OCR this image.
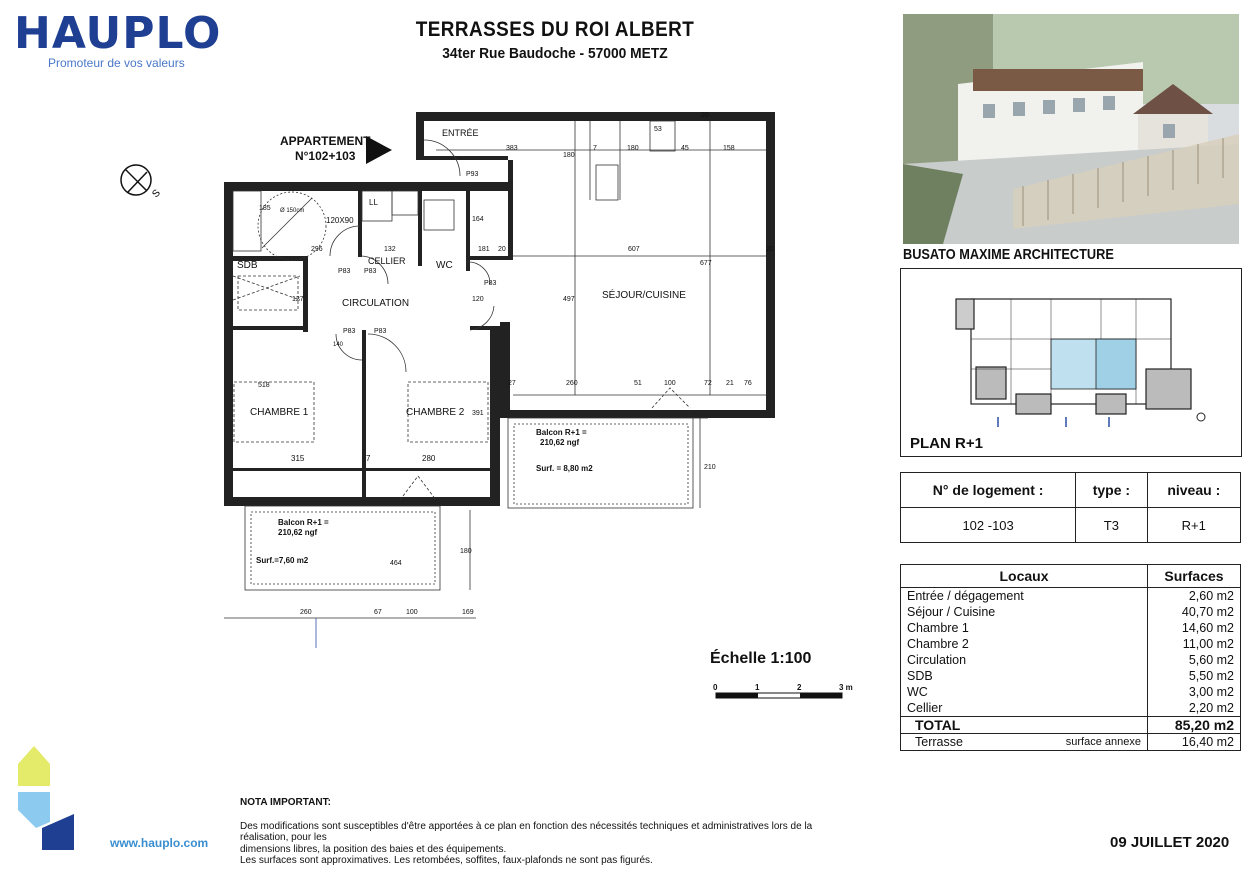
HAUPLO
Promoteur de vos valeurs
TERRASSES DU ROI ALBERT
34ter Rue Baudoche - 57000 METZ
S
APPARTEMENT
N°102+103
ENTRÉE
SDB	CELLIER	WC
CIRCULATION
SÉJOUR/CUISINE
CHAMBRE 1	CHAMBRE 2
LL
Ø 150cm
120X90
P93
P83 P83
P83
P83	P83
Balcon R+1 =
210,62 ngf
Surf. = 8,80 m2
Balcon R+1 =
210,62 ngf
Surf.=7,60 m2	464
383
180
7	180	45	158
53
20
185
296	132	181
164
20	20
607
677
497
127	120
27	260	51	100	72 21 76
518
391
315	7	280
210
180
260	67	100	169
140
Échelle 1:100
0	1	2	3 m
BUSATO MAXIME ARCHITECTURE
PLAN R+1
N° de logement :	type :	niveau :
102 -103	T3	R+1
Locaux		Surfaces
Entrée / dégagement		2,60 m2
Séjour / Cuisine		40,70 m2
Chambre 1		14,60 m2
Chambre 2		11,00 m2
Circulation		5,60 m2
SDB		5,50 m2
WC		3,00 m2
Cellier		2,20 m2
TOTAL		85,20 m2
Terrasse	surface annexe	16,40 m2
www.hauplo.com
NOTA IMPORTANT:
Des modifications sont susceptibles d'être apportées à ce plan en fonction des nécessités techniques et administratives lors de la réalisation, pour les
dimensions libres, la position des baies et des équipements.
Les surfaces sont approximatives. Les retombées, soffites, faux-plafonds ne sont pas figurés.
09 JUILLET 2020
